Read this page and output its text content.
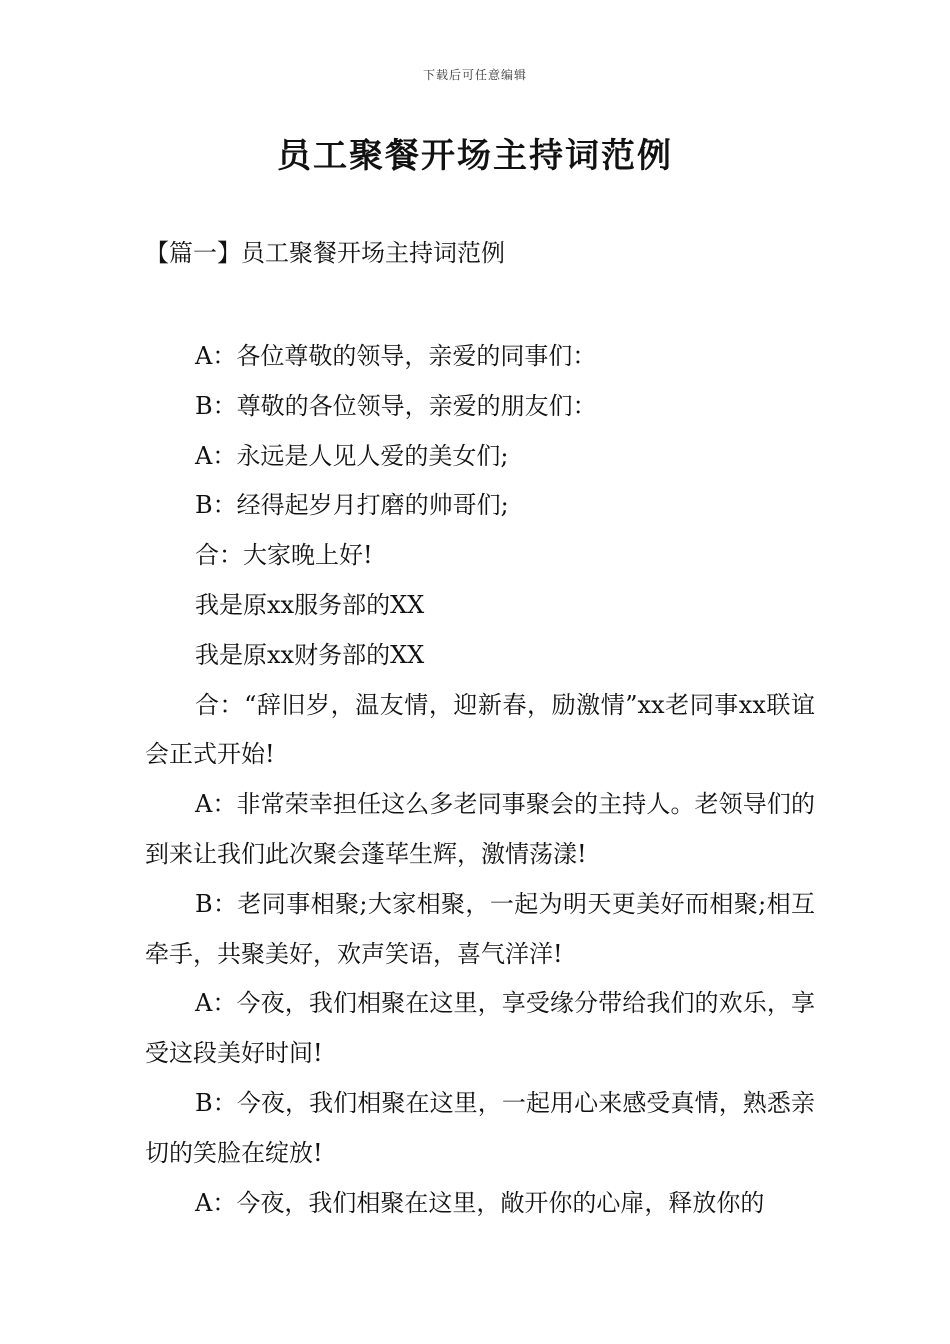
下载后可任意编辑
员工聚餐开场主持词范例
【篇一】员工聚餐开场主持词范例

A：各位尊敬的领导，亲爱的同事们：

B：尊敬的各位领导，亲爱的朋友们：

A：永远是人见人爱的美女们;

B：经得起岁月打磨的帅哥们;

合：大家晚上好!

我是原xx服务部的XX

我是原xx财务部的XX

合：“辞旧岁，温友情，迎新春，励激情”xx老同事xx联谊会正式开始!

A：非常荣幸担任这么多老同事聚会的主持人。老领导们的到来让我们此次聚会蓬荜生辉，激情荡漾!

B：老同事相聚;大家相聚，一起为明天更美好而相聚;相互牵手，共聚美好，欢声笑语，喜气洋洋!

A：今夜，我们相聚在这里，享受缘分带给我们的欢乐，享受这段美好时间!

B：今夜，我们相聚在这里，一起用心来感受真情，熟悉亲切的笑脸在绽放!

A：今夜，我们相聚在这里，敞开你的心扉，释放你的
